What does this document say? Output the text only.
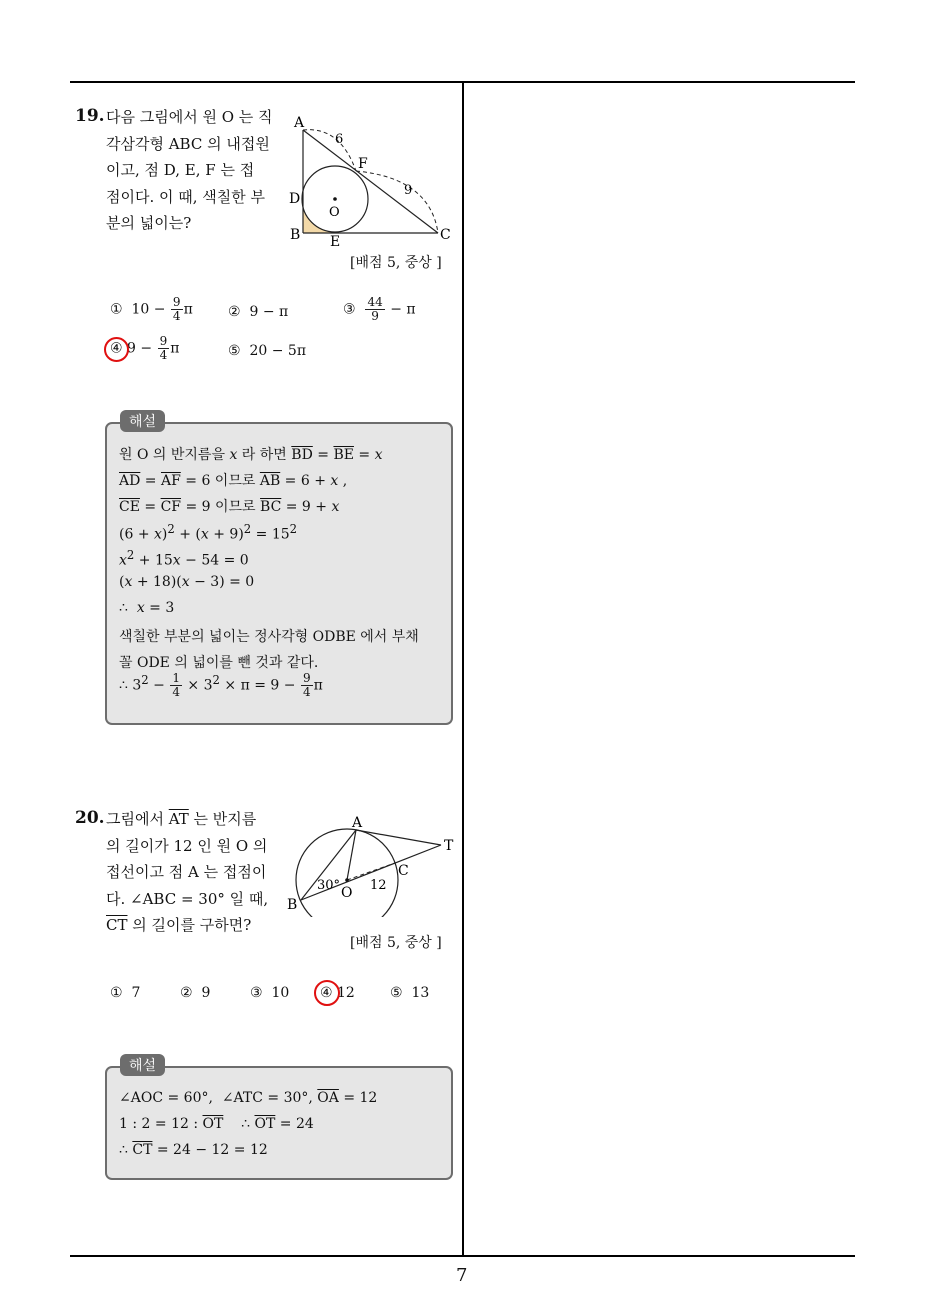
19. 다음 그림에서 원 O 는 직

각삼각형 ABC 의 내접원

이고, 점 D, E, F 는 접

점이다. 이 때, 색칠한 부

분의 넓이는?

A
B	C
D
E
F
O
6
9
[배점 5, 중상 ]
① $10 - \frac{9}{4}$ π	② 9 − π	③ $\frac{44}{9} - \pi$
④ $9 - \frac{9}{4}$ π	⑤ 20 − 5π
원 O 의 반지름을 x 라 하면 $\overline{BD} = \overline{BE} = x$
$\overline{AD} = \overline{AF} = 6$ 이므로 $\overline{AB} = 6 + x$ ,
$\overline{CE} = \overline{CF} = 9$ 이므로 $\overline{BC} = 9 + x$
$(6 + x)^2 + (x + 9)^2 = 15^2$
$x^2 + 15x - 54 = 0$
(x + 18)(x − 3) = 0
∴  x = 3
색칠한 부분의 넓이는 정사각형 ODBE 에서 부채
꼴 ODE 의 넓이를 뺀 것과 같다.
∴ $3^2 - \frac{1}{4} \times 3^2 \times \pi = 9 - \frac{9}{4}$ π
해설
20. 그림에서 $\overline{AT}$ 는 반지름

의 길이가 12 인 원 O 의

접선이고 점 A 는 접점이

다. ∠ABC = 30° 일 때,

$\overline{CT}$ 의 길이를 구하면?

A
T
B
C
O
30° 12
[배점 5, 중상 ]
① 7	② 9	③ 10 ④ 12	⑤ 13
∠AOC = 60°,  ∠ATC = 30°, $\overline{OA} = 12$
1 : 2 = 12 : $\overline{OT}$    ∴ $\overline{OT} = 24$
∴ $\overline{CT} = 24 - 12 = 12$
해설
7
